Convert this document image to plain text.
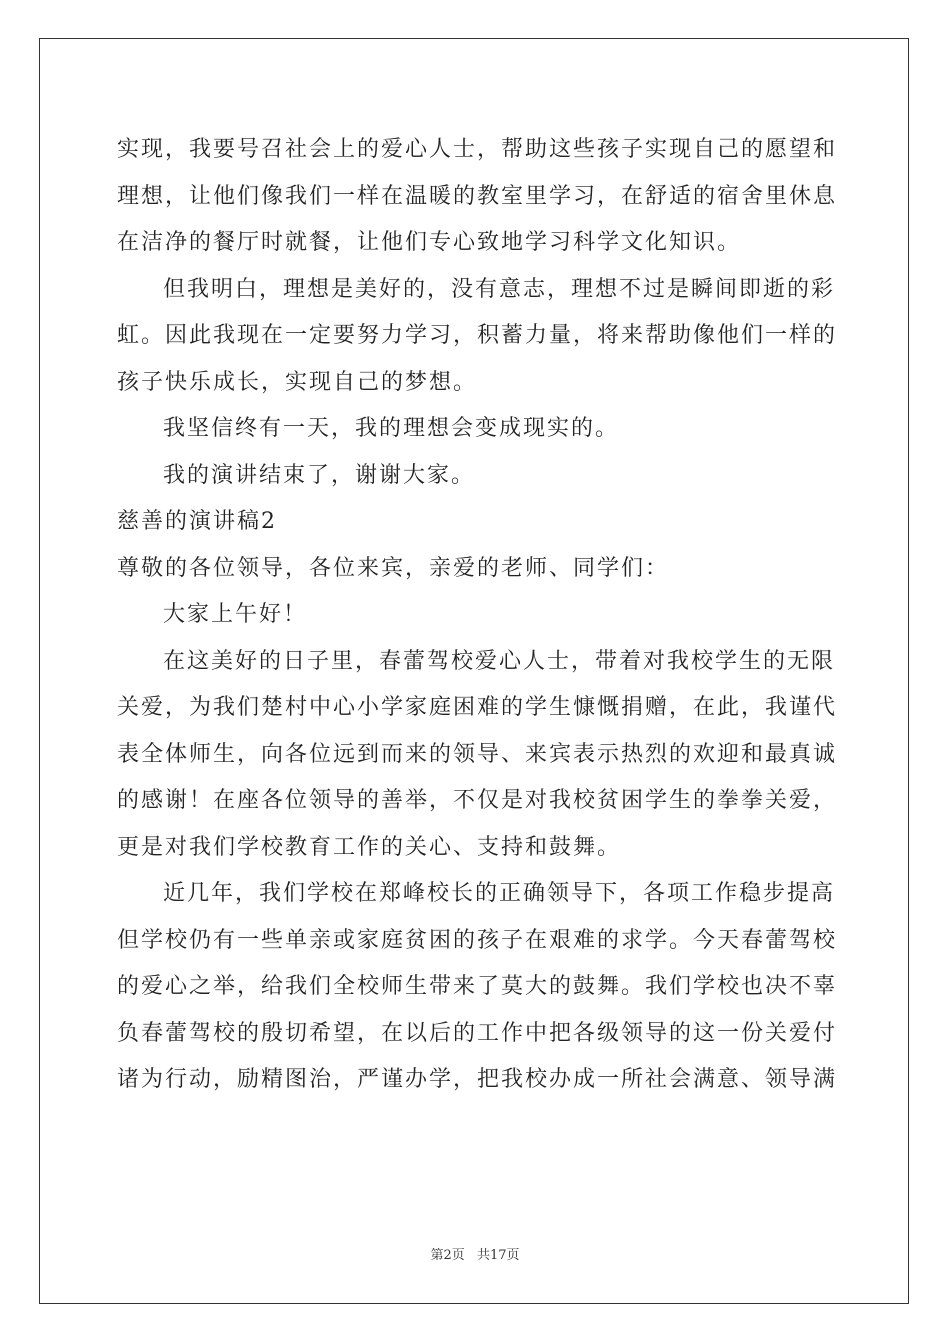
实现，我要号召社会上的爱心人士，帮助这些孩子实现自己的愿望和
理想，让他们像我们一样在温暖的教室里学习，在舒适的宿舍里休息
在洁净的餐厅时就餐，让他们专心致地学习科学文化知识。
但我明白，理想是美好的，没有意志，理想不过是瞬间即逝的彩
虹。因此我现在一定要努力学习，积蓄力量，将来帮助像他们一样的
孩子快乐成长，实现自己的梦想。
我坚信终有一天，我的理想会变成现实的。
我的演讲结束了，谢谢大家。
慈善的演讲稿2
尊敬的各位领导，各位来宾，亲爱的老师、同学们：
大家上午好！
在这美好的日子里，春蕾驾校爱心人士，带着对我校学生的无限
关爱，为我们楚村中心小学家庭困难的学生慷慨捐赠，在此，我谨代
表全体师生，向各位远到而来的领导、来宾表示热烈的欢迎和最真诚
的感谢！在座各位领导的善举，不仅是对我校贫困学生的拳拳关爱，
更是对我们学校教育工作的关心、支持和鼓舞。
近几年，我们学校在郑峰校长的正确领导下，各项工作稳步提高
但学校仍有一些单亲或家庭贫困的孩子在艰难的求学。今天春蕾驾校
的爱心之举，给我们全校师生带来了莫大的鼓舞。我们学校也决不辜
负春蕾驾校的殷切希望，在以后的工作中把各级领导的这一份关爱付
诸为行动，励精图治，严谨办学，把我校办成一所社会满意、领导满
第2页 共17页
